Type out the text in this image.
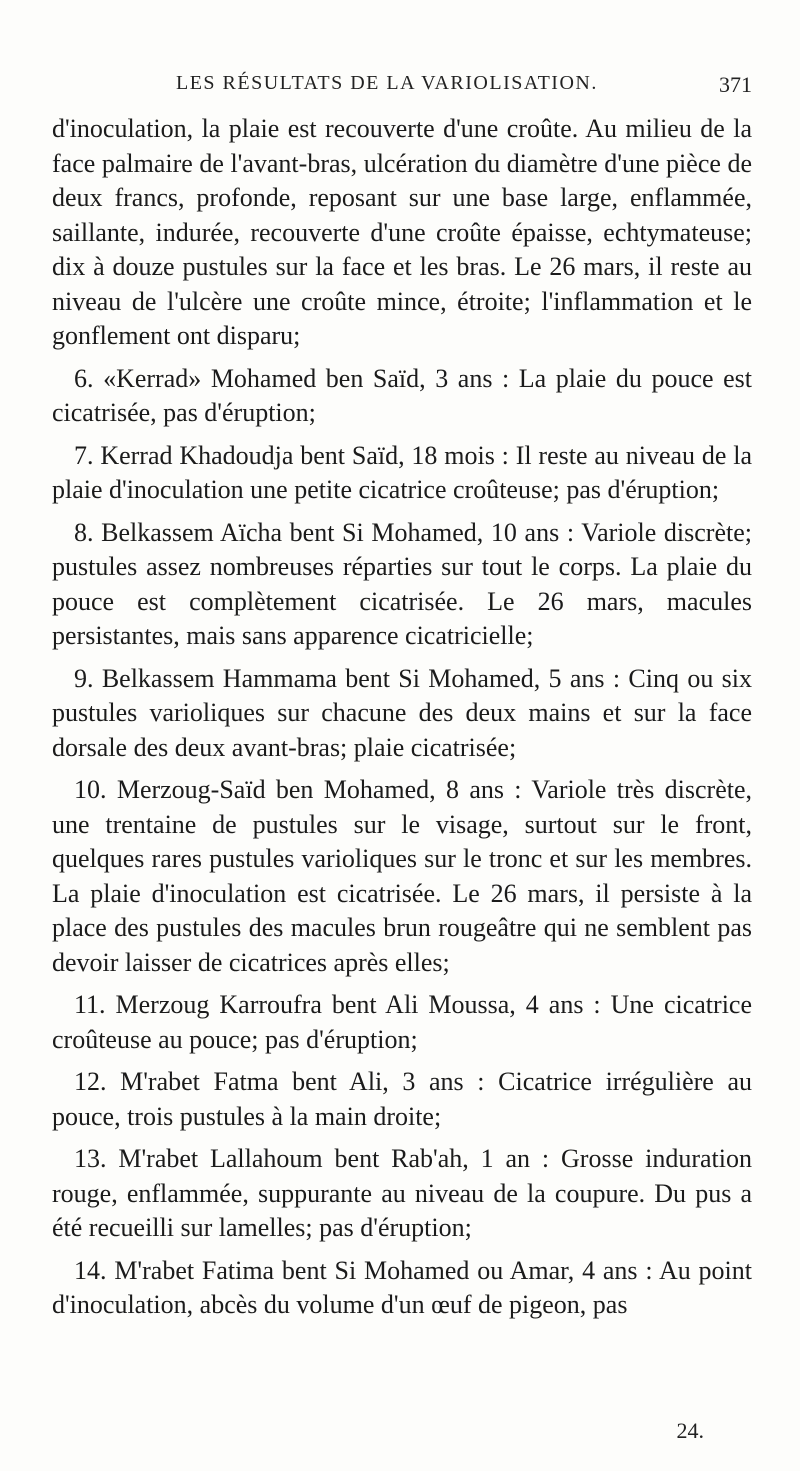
LES RÉSULTATS DE LA VARIOLISATION.	371

d'inoculation, la plaie est recouverte d'une croûte. Au milieu de la face palmaire de l'avant-bras, ulcération du diamètre d'une pièce de deux francs, profonde, reposant sur une base large, enflammée, saillante, indurée, recouverte d'une croûte épaisse, echtymateuse; dix à douze pustules sur la face et les bras. Le 26 mars, il reste au niveau de l'ulcère une croûte mince, étroite; l'inflammation et le gonflement ont disparu;

6. «Kerrad» Mohamed ben Saïd, 3 ans : La plaie du pouce est cicatrisée, pas d'éruption;

7. Kerrad Khadoudja bent Saïd, 18 mois : Il reste au niveau de la plaie d'inoculation une petite cicatrice croûteuse; pas d'éruption;

8. Belkassem Aïcha bent Si Mohamed, 10 ans : Variole discrète; pustules assez nombreuses réparties sur tout le corps. La plaie du pouce est complètement cicatrisée. Le 26 mars, macules persistantes, mais sans apparence cicatricielle;

9. Belkassem Hammama bent Si Mohamed, 5 ans : Cinq ou six pustules varioliques sur chacune des deux mains et sur la face dorsale des deux avant-bras; plaie cicatrisée;

10. Merzoug-Saïd ben Mohamed, 8 ans : Variole très discrète, une trentaine de pustules sur le visage, surtout sur le front, quelques rares pustules varioliques sur le tronc et sur les membres. La plaie d'inoculation est cicatrisée. Le 26 mars, il persiste à la place des pustules des macules brun rougeâtre qui ne semblent pas devoir laisser de cicatrices après elles;

11. Merzoug Karroufra bent Ali Moussa, 4 ans : Une cicatrice croûteuse au pouce; pas d'éruption;

12. M'rabet Fatma bent Ali, 3 ans : Cicatrice irrégulière au pouce, trois pustules à la main droite;

13. M'rabet Lallahoum bent Rab'ah, 1 an : Grosse induration rouge, enflammée, suppurante au niveau de la coupure. Du pus a été recueilli sur lamelles; pas d'éruption;

14. M'rabet Fatima bent Si Mohamed ou Amar, 4 ans : Au point d'inoculation, abcès du volume d'un œuf de pigeon, pas

24.
